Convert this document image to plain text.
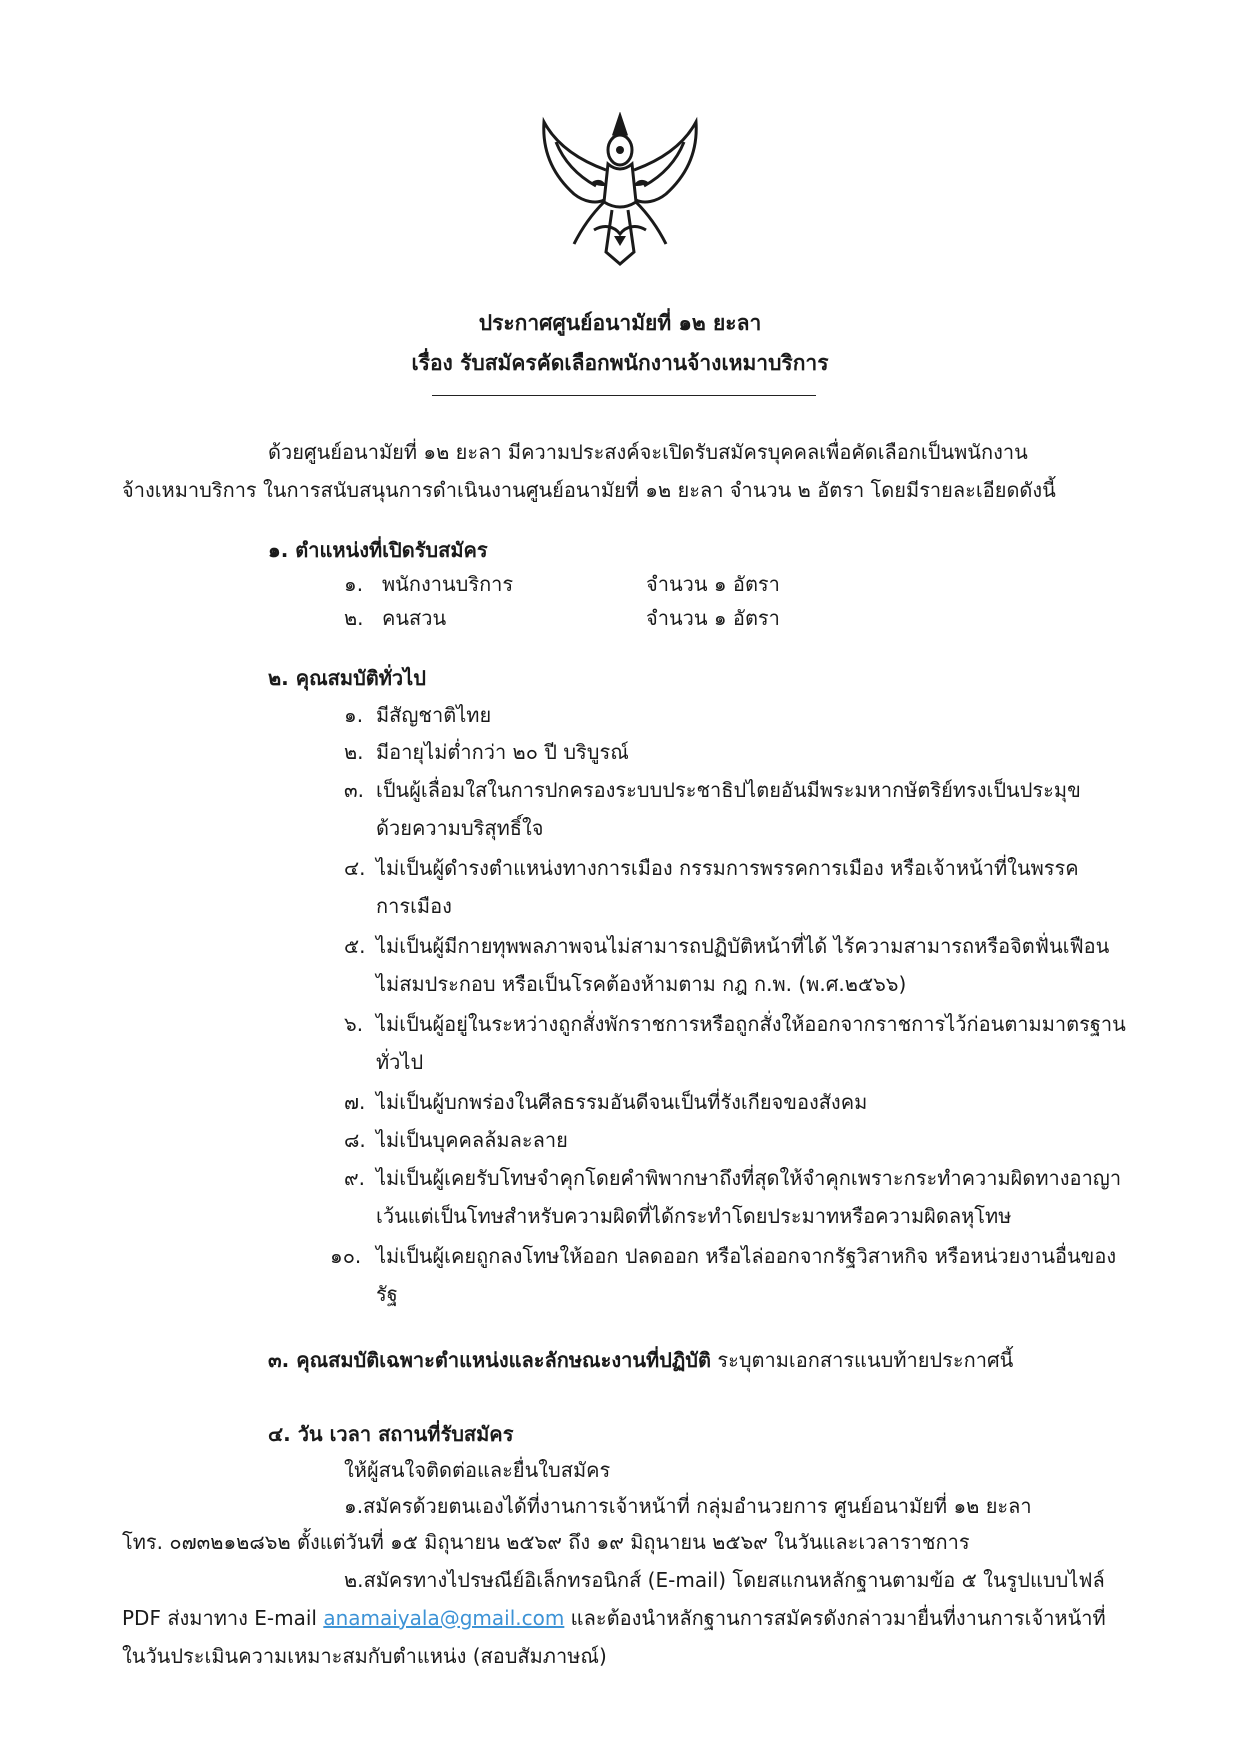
ประกาศศูนย์อนามัยที่ ๑๒ ยะลา
เรื่อง รับสมัครคัดเลือกพนักงานจ้างเหมาบริการ
ด้วยศูนย์อนามัยที่ ๑๒ ยะลา มีความประสงค์จะเปิดรับสมัครบุคคลเพื่อคัดเลือกเป็นพนักงาน
จ้างเหมาบริการ ในการสนับสนุนการดำเนินงานศูนย์อนามัยที่ ๑๒ ยะลา จำนวน ๒ อัตรา โดยมีรายละเอียดดังนี้
๑. ตำแหน่งที่เปิดรับสมัคร
๑. พนักงานบริการ	จำนวน ๑ อัตรา
๒. คนสวน	จำนวน ๑ อัตรา
๒. คุณสมบัติทั่วไป
๑. มีสัญชาติไทย
๒. มีอายุไม่ต่ำกว่า ๒๐ ปี บริบูรณ์
๓. เป็นผู้เลื่อมใสในการปกครองระบบประชาธิปไตยอันมีพระมหากษัตริย์ทรงเป็นประมุข
ด้วยความบริสุทธิ์ใจ
๔. ไม่เป็นผู้ดำรงตำแหน่งทางการเมือง กรรมการพรรคการเมือง หรือเจ้าหน้าที่ในพรรค
การเมือง
๕. ไม่เป็นผู้มีกายทุพพลภาพจนไม่สามารถปฏิบัติหน้าที่ได้ ไร้ความสามารถหรือจิตฟั่นเฟือน
ไม่สมประกอบ หรือเป็นโรคต้องห้ามตาม กฎ ก.พ. (พ.ศ.๒๕๖๖)
๖. ไม่เป็นผู้อยู่ในระหว่างถูกสั่งพักราชการหรือถูกสั่งให้ออกจากราชการไว้ก่อนตามมาตรฐาน
ทั่วไป
๗. ไม่เป็นผู้บกพร่องในศีลธรรมอันดีจนเป็นที่รังเกียจของสังคม
๘. ไม่เป็นบุคคลล้มละลาย
๙. ไม่เป็นผู้เคยรับโทษจำคุกโดยคำพิพากษาถึงที่สุดให้จำคุกเพราะกระทำความผิดทางอาญา
เว้นแต่เป็นโทษสำหรับความผิดที่ได้กระทำโดยประมาทหรือความผิดลหุโทษ
๑๐. ไม่เป็นผู้เคยถูกลงโทษให้ออก ปลดออก หรือไล่ออกจากรัฐวิสาหกิจ หรือหน่วยงานอื่นของ
รัฐ
๓. คุณสมบัติเฉพาะตำแหน่งและลักษณะงานที่ปฏิบัติ ระบุตามเอกสารแนบท้ายประกาศนี้
๔. วัน เวลา สถานที่รับสมัคร
ให้ผู้สนใจติดต่อและยื่นใบสมัคร
๑.สมัครด้วยตนเองได้ที่งานการเจ้าหน้าที่ กลุ่มอำนวยการ ศูนย์อนามัยที่ ๑๒ ยะลา
โทร. ๐๗๓๒๑๒๘๖๒ ตั้งแต่วันที่ ๑๕ มิถุนายน ๒๕๖๙ ถึง ๑๙ มิถุนายน ๒๕๖๙ ในวันและเวลาราชการ
๒.สมัครทางไปรษณีย์อิเล็กทรอนิกส์ (E-mail) โดยสแกนหลักฐานตามข้อ ๕ ในรูปแบบไฟล์
PDF ส่งมาทาง E-mail anamaiyala@gmail.com และต้องนำหลักฐานการสมัครดังกล่าวมายื่นที่งานการเจ้าหน้าที่
ในวันประเมินความเหมาะสมกับตำแหน่ง (สอบสัมภาษณ์)
